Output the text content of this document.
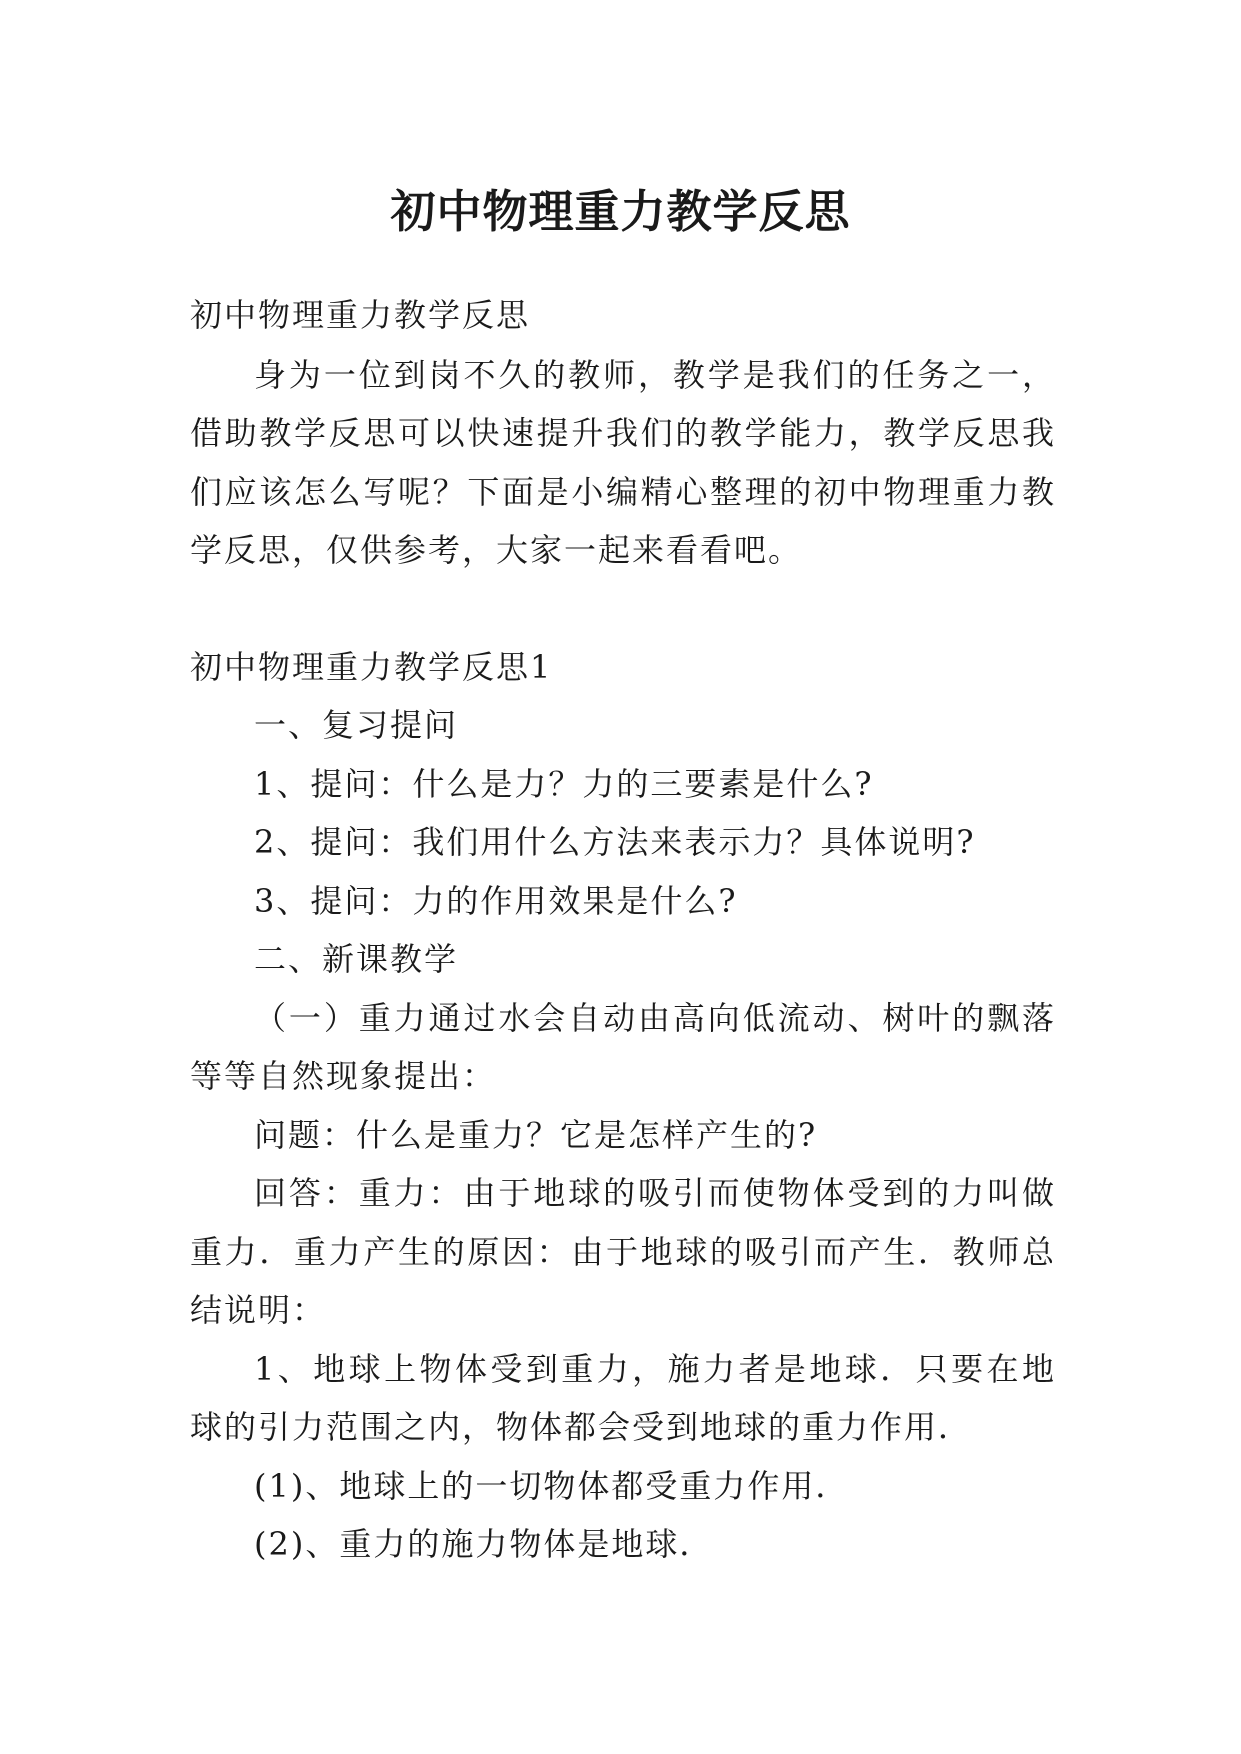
初中物理重力教学反思

初中物理重力教学反思

身为一位到岗不久的教师，教学是我们的任务之一，借助教学反思可以快速提升我们的教学能力，教学反思我们应该怎么写呢？下面是小编精心整理的初中物理重力教学反思，仅供参考，大家一起来看看吧。

初中物理重力教学反思1

一、复习提问

1、提问：什么是力？力的三要素是什么?

2、提问：我们用什么方法来表示力？具体说明?

3、提问：力的作用效果是什么?

二、新课教学

（一）重力通过水会自动由高向低流动、树叶的飘落等等自然现象提出：

问题：什么是重力？它是怎样产生的?

回答：重力：由于地球的吸引而使物体受到的力叫做重力．重力产生的原因：由于地球的吸引而产生．教师总结说明：

1、地球上物体受到重力，施力者是地球．只要在地球的引力范围之内，物体都会受到地球的重力作用．

(1)、地球上的一切物体都受重力作用．

(2)、重力的施力物体是地球．
